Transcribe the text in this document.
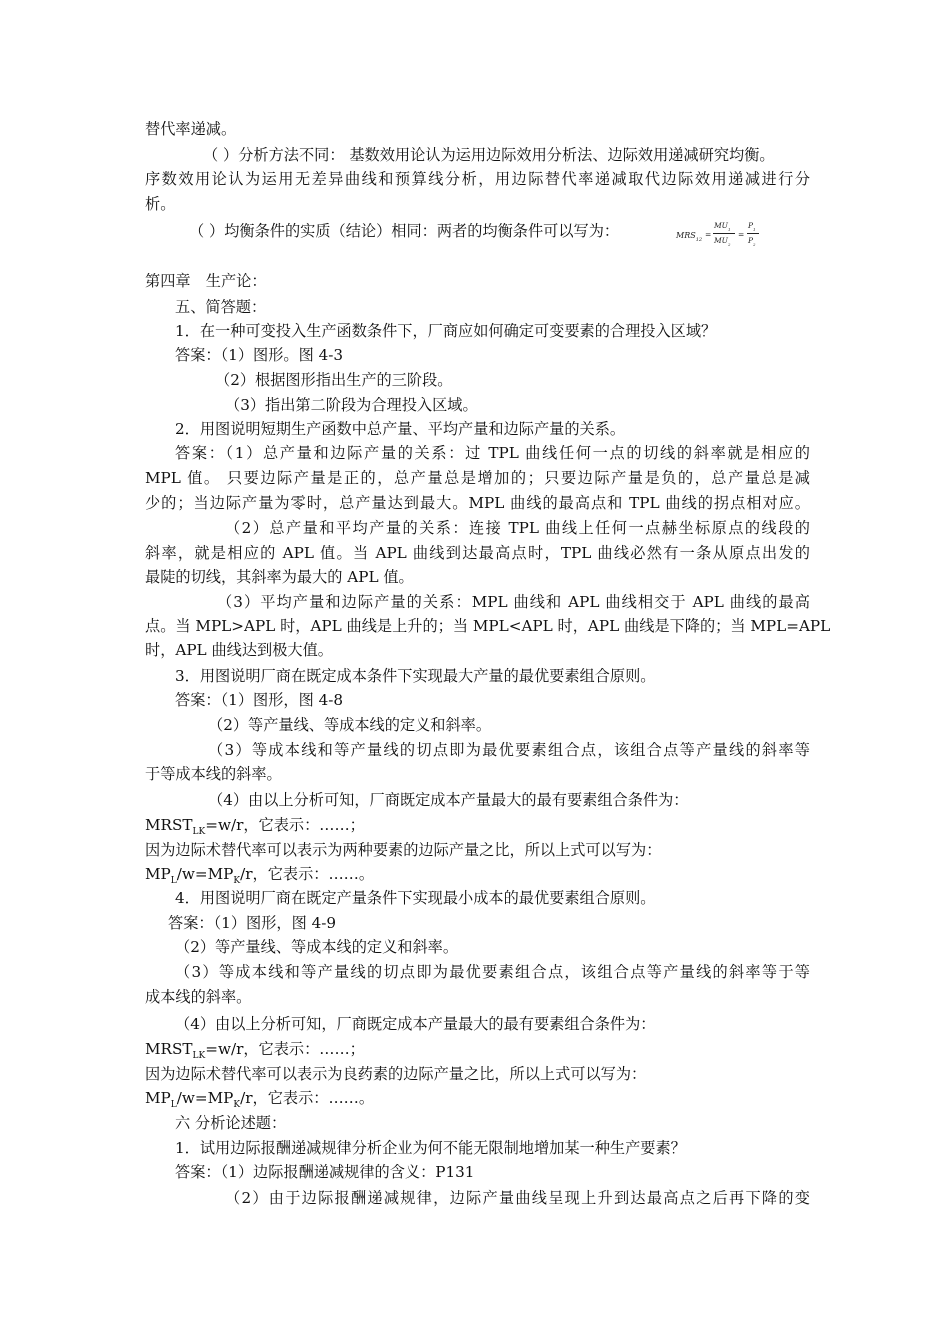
替代率递减。
（ ）分析方法不同： 基数效用论认为运用边际效用分析法、边际效用递减研究均衡。
序数效用论认为运用无差异曲线和预算线分析，用边际替代率递减取代边际效用递减进行分
析。
（ ）均衡条件的实质（结论）相同：两者的均衡条件可以写为：	$MRS_{12}$
=
$MU_1$
$MU_2$
=
$P_1$
$P_2$
第四章　生产论：
五、简答题：
1．在一种可变投入生产函数条件下，厂商应如何确定可变要素的合理投入区域？
答案：（1）图形。图 4-3
（2）根据图形指出生产的三阶段。
（3）指出第二阶段为合理投入区域。
2．用图说明短期生产函数中总产量、平均产量和边际产量的关系。
答案：（1）总产量和边际产量的关系：过 TPL 曲线任何一点的切线的斜率就是相应的
MPL 值。 只要边际产量是正的，总产量总是增加的；只要边际产量是负的，总产量总是减
少的；当边际产量为零时，总产量达到最大。MPL 曲线的最高点和 TPL 曲线的拐点相对应。
（2）总产量和平均产量的关系：连接 TPL 曲线上任何一点赫坐标原点的线段的
斜率，就是相应的 APL 值。当 APL 曲线到达最高点时，TPL 曲线必然有一条从原点出发的
最陡的切线，其斜率为最大的 APL 值。
（3）平均产量和边际产量的关系：MPL 曲线和 APL 曲线相交于 APL 曲线的最高
点。当 MPL>APL 时，APL 曲线是上升的；当 MPL<APL 时，APL 曲线是下降的；当 MPL=APL
时，APL 曲线达到极大值。
3．用图说明厂商在既定成本条件下实现最大产量的最优要素组合原则。
答案：（1）图形，图 4-8
（2）等产量线、等成本线的定义和斜率。
（3）等成本线和等产量线的切点即为最优要素组合点，该组合点等产量线的斜率等
于等成本线的斜率。
（4）由以上分析可知，厂商既定成本产量最大的最有要素组合条件为：
$MRST_{LK}=w/r$，它表示：……；
因为边际术替代率可以表示为两种要素的边际产量之比，所以上式可以写为：
$MP_L/w=MP_K/r$，它表示：……。
4．用图说明厂商在既定产量条件下实现最小成本的最优要素组合原则。
答案：（1）图形，图 4-9
（2）等产量线、等成本线的定义和斜率。
（3）等成本线和等产量线的切点即为最优要素组合点，该组合点等产量线的斜率等于等
成本线的斜率。
（4）由以上分析可知，厂商既定成本产量最大的最有要素组合条件为：
$MRST_{LK}=w/r$，它表示：……；
因为边际术替代率可以表示为良药素的边际产量之比，所以上式可以写为：
$MP_L/w=MP_K/r$，它表示：……。
六 分析论述题：
1．试用边际报酬递减规律分析企业为何不能无限制地增加某一种生产要素？
答案：（1）边际报酬递减规律的含义：P131
（2）由于边际报酬递减规律，边际产量曲线呈现上升到达最高点之后再下降的变
